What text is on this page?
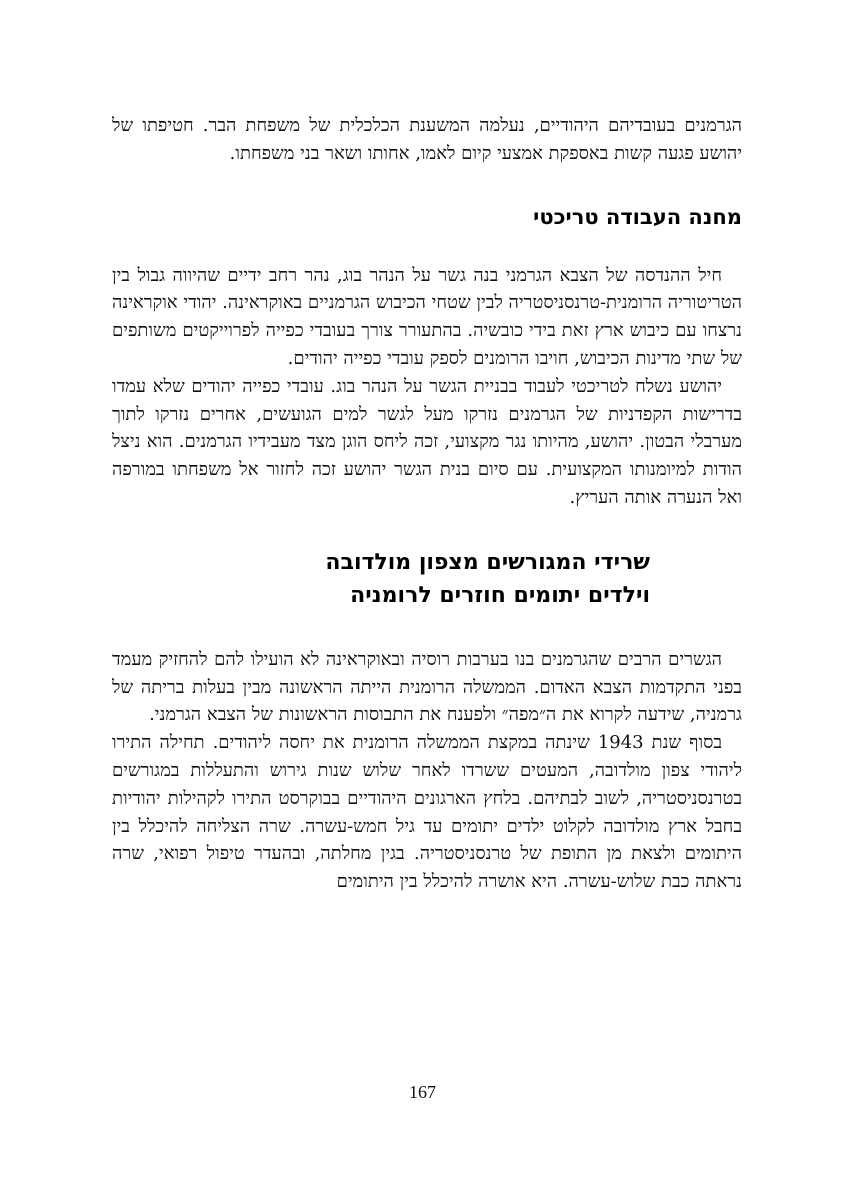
הגרמנים בעובדיהם היהודיים, נעלמה המשענת הכלכלית של משפחת הבר. חטיפתו של יהושע פגעה קשות באספקת אמצעי קיום לאמו, אחותו ושאר בני משפחתו.

מחנה העבודה טריכטי

חיל ההנדסה של הצבא הגרמני בנה גשר על הנהר בוג, נהר רחב ידיים שהיווה גבול בין הטריטוריה הרומנית-טרנסניסטריה לבין שטחי הכיבוש הגרמניים באוקראינה. יהודי אוקראינה נרצחו עם כיבוש ארץ זאת בידי כובשיה. בהתעורר צורך בעובדי כפייה לפרוייקטים משותפים של שתי מדינות הכיבוש, חויבו הרומנים לספק עובדי כפייה יהודים.

יהושע נשלח לטריכטי לעבוד בבניית הגשר על הנהר בוג. עובדי כפייה יהודים שלא עמדו בדרישות הקפדניות של הגרמנים נזרקו מעל לגשר למים הגועשים, אחרים נזרקו לתוך מערבלי הבטון. יהושע, מהיותו נגר מקצועי, זכה ליחס הוגן מצד מעבידיו הגרמנים. הוא ניצל הודות למיומנותו המקצועית. עם סיום בנית הגשר יהושע זכה לחזור אל משפחתו במורפה ואל הנערה אותה העריץ.

שרידי המגורשים מצפון מולדובה
וילדים יתומים חוזרים לרומניה

הגשרים הרבים שהגרמנים בנו בערבות רוסיה ובאוקראינה לא הועילו להם להחזיק מעמד בפני התקדמות הצבא האדום. הממשלה הרומנית הייתה הראשונה מבין בעלות בריתה של גרמניה, שידעה לקרוא את ה״מפה״ ולפענח את התבוסות הראשונות של הצבא הגרמני.

בסוף שנת 1943 שינתה במקצת הממשלה הרומנית את יחסה ליהודים. תחילה התירו ליהודי צפון מולדובה, המעטים ששרדו לאחר שלוש שנות גירוש והתעללות במגורשים בטרנסניסטריה, לשוב לבתיהם. בלחץ הארגונים היהודיים בבוקרסט התירו לקהילות יהודיות בחבל ארץ מולדובה לקלוט ילדים יתומים עד גיל חמש-עשרה. שרה הצליחה להיכלל בין היתומים ולצאת מן התופת של טרנסניסטריה. בגין מחלתה, ובהעדר טיפול רפואי, שרה נראתה כבת שלוש-עשרה. היא אושרה להיכלל בין היתומים

167
